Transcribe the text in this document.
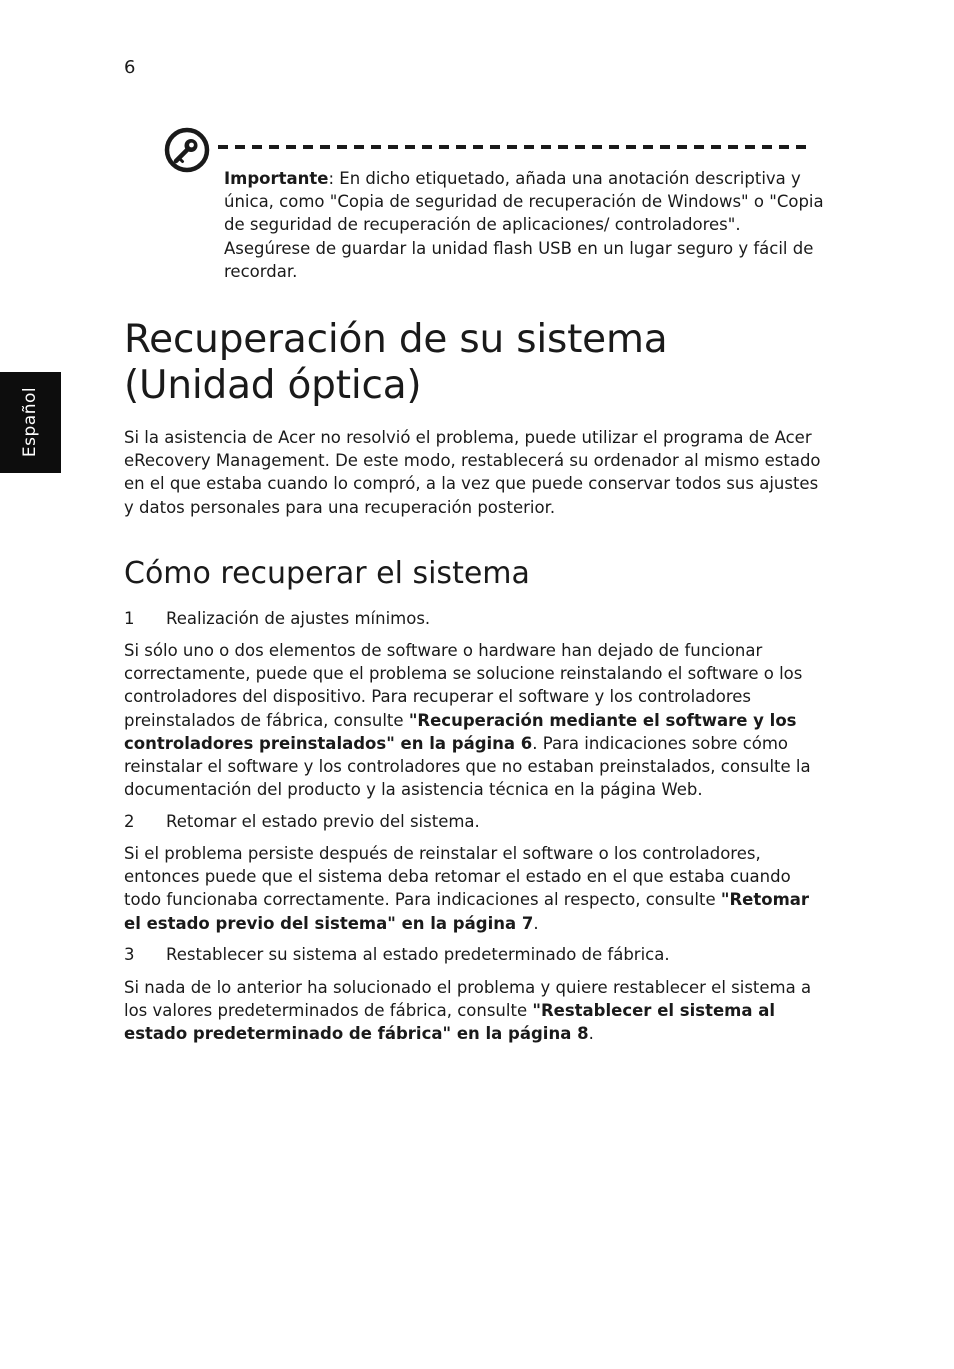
6
Español

Importante: En dicho etiquetado, añada una anotación descriptiva y única, como "Copia de seguridad de recuperación de Windows" o "Copia de seguridad de recuperación de aplicaciones/ controladores". Asegúrese de guardar la unidad flash USB en un lugar seguro y fácil de recordar.

Recuperación de su sistema
(Unidad óptica)

Si la asistencia de Acer no resolvió el problema, puede utilizar el programa de Acer eRecovery Management. De este modo, restablecerá su ordenador al mismo estado en el que estaba cuando lo compró, a la vez que puede conservar todos sus ajustes y datos personales para una recuperación posterior.

Cómo recuperar el sistema
1 Realización de ajustes mínimos.

Si sólo uno o dos elementos de software o hardware han dejado de funcionar correctamente, puede que el problema se solucione reinstalando el software o los controladores del dispositivo. Para recuperar el software y los controladores preinstalados de fábrica, consulte "Recuperación mediante el software y los controladores preinstalados" en la página 6. Para indicaciones sobre cómo reinstalar el software y los controladores que no estaban preinstalados, consulte la documentación del producto y la asistencia técnica en la página Web.

2 Retomar el estado previo del sistema.

Si el problema persiste después de reinstalar el software o los controladores, entonces puede que el sistema deba retomar el estado en el que estaba cuando todo funcionaba correctamente. Para indicaciones al respecto, consulte "Retomar el estado previo del sistema" en la página 7.

3 Restablecer su sistema al estado predeterminado de fábrica.

Si nada de lo anterior ha solucionado el problema y quiere restablecer el sistema a los valores predeterminados de fábrica, consulte "Restablecer el sistema al estado predeterminado de fábrica" en la página 8.
